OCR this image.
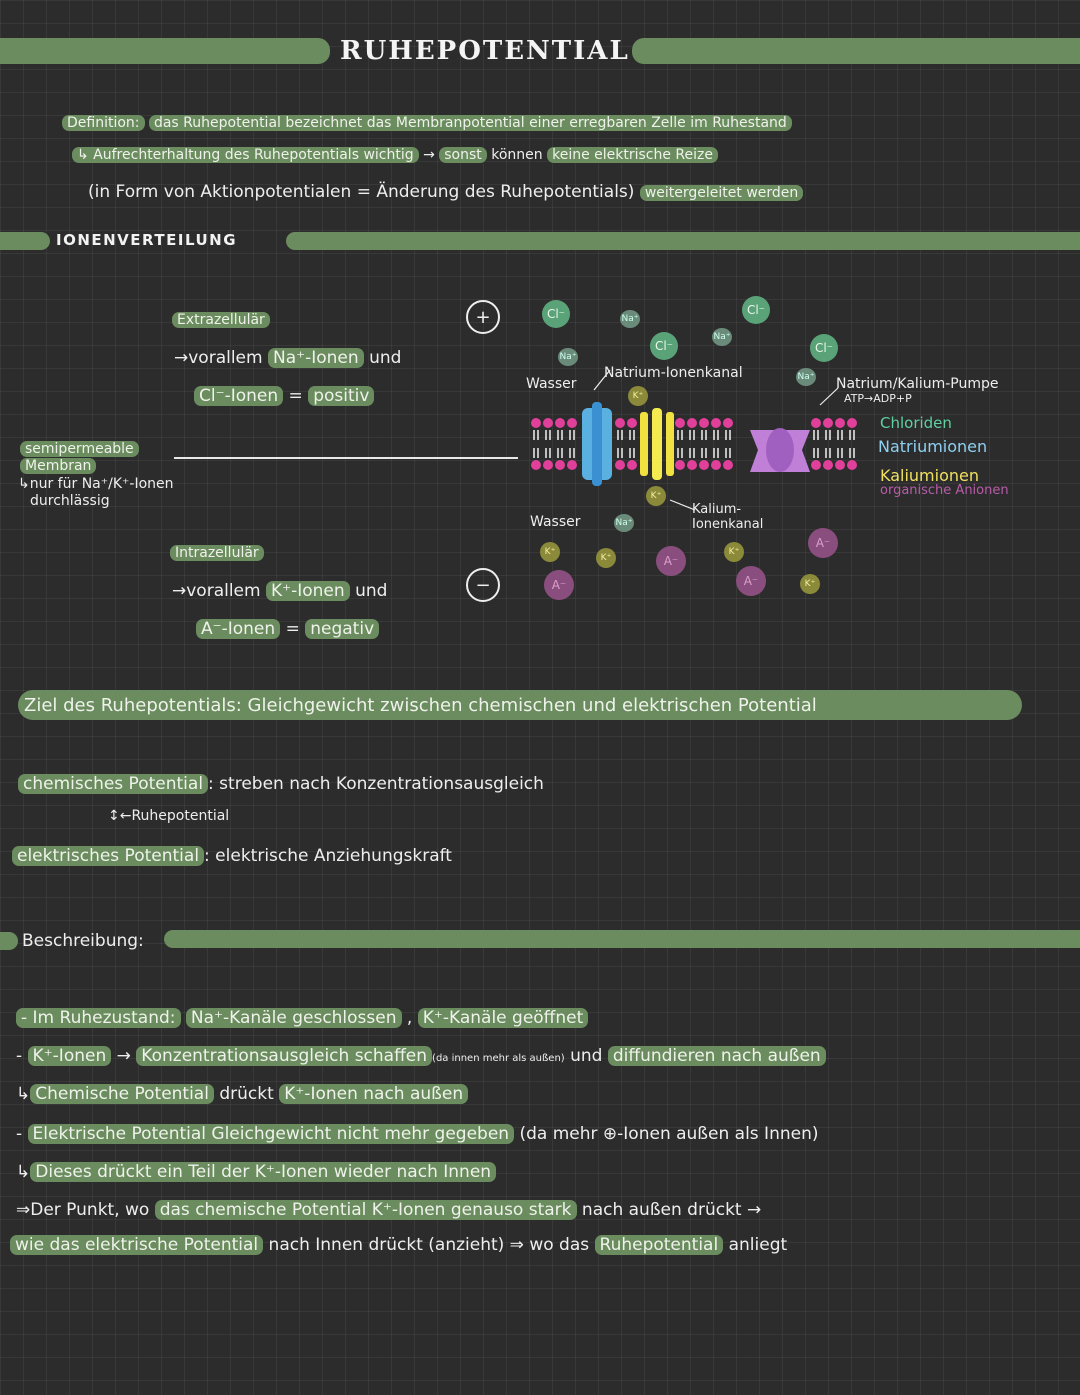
RUHEPOTENTIAL
Definition: das Ruhepotential bezeichnet das Membranpotential einer erregbaren Zelle im Ruhestand
↳ Aufrechterhaltung des Ruhepotentials wichtig → sonst können keine elektrische Reize
(in Form von Aktionpotentialen = Änderung des Ruhepotentials) weitergeleitet werden
IONENVERTEILUNG
Extrazellulär
→vorallem Na⁺-Ionen und
Cl⁻-Ionen = positiv
+
semipermeable
Membran
↳nur für Na⁺/K⁺-Ionen
durchlässig
Intrazellulär
→vorallem K⁺-Ionen und
A⁻-Ionen = negativ
−
Wasser
Wasser
Natrium-Ionenkanal
Kalium-
Ionenkanal
Natrium/Kalium-Pumpe
ATP→ADP+P
Cl⁻	Na⁺
Cl⁻
Na⁺
Cl⁻
Cl⁻
Na⁺
Na⁺
K⁺
Na⁺
K⁺
K⁺
K⁺
K⁺
K⁺
A⁻
A⁻
A⁻
A⁻
Chloriden
Natriumionen
Kaliumionen
organische Anionen
Ziel des Ruhepotentials: Gleichgewicht zwischen chemischen und elektrischen Potential
chemisches Potential : streben nach Konzentrationsausgleich
↕←Ruhepotential
elektrisches Potential : elektrische Anziehungskraft
Beschreibung:
- Im Ruhezustand: Na⁺-Kanäle geschlossen , K⁺-Kanäle geöffnet
- K⁺-Ionen → Konzentrationsausgleich schaffen (da innen mehr als außen) und diffundieren nach außen
↳ Chemische Potential drückt K⁺-Ionen nach außen
- Elektrische Potential Gleichgewicht nicht mehr gegeben (da mehr ⊕-Ionen außen als Innen)
↳ Dieses drückt ein Teil der K⁺-Ionen wieder nach Innen
⇒Der Punkt, wo das chemische Potential K⁺-Ionen genauso stark nach außen drückt →
wie das elektrische Potential nach Innen drückt (anzieht) ⇒ wo das Ruhepotential anliegt
